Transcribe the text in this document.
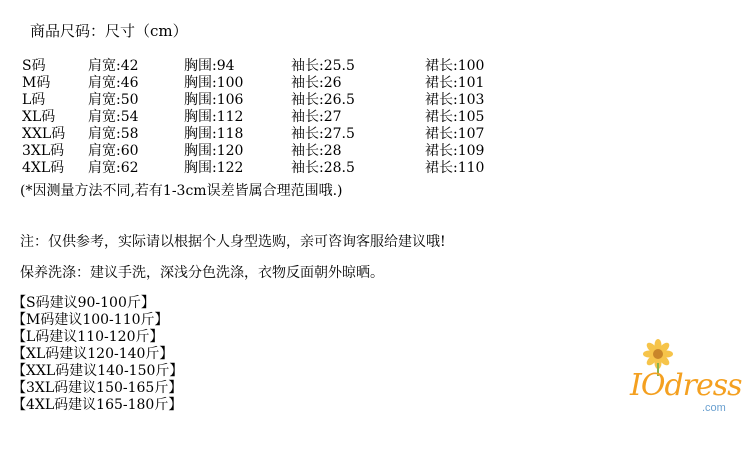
商品尺码：尺寸（cm）
S码	肩宽:42	胸围:94	袖长:25.5	裙长:100
M码	肩宽:46	胸围:100	袖长:26	裙长:101
L码	肩宽:50	胸围:106	袖长:26.5	裙长:103
XL码 肩宽:54	胸围:112	袖长:27	裙长:105
XXL码 肩宽:58	胸围:118	袖长:27.5	裙长:107
3XL码 肩宽:60	胸围:120	袖长:28	裙长:109
4XL码 肩宽:62	胸围:122	袖长:28.5	裙长:110
(*因测量方法不同,若有1-3cm误差皆属合理范围哦.)
注：仅供参考，实际请以根据个人身型选购，亲可咨询客服给建议哦!
保养洗涤：建议手洗，深浅分色洗涤，衣物反面朝外晾晒。
【S码建议90-100斤】
【M码建议100-110斤】
【L码建议110-120斤】
【XL码建议120-140斤】
【XXL码建议140-150斤】
【3XL码建议150-165斤】
【4XL码建议165-180斤】
IOdress
.com
